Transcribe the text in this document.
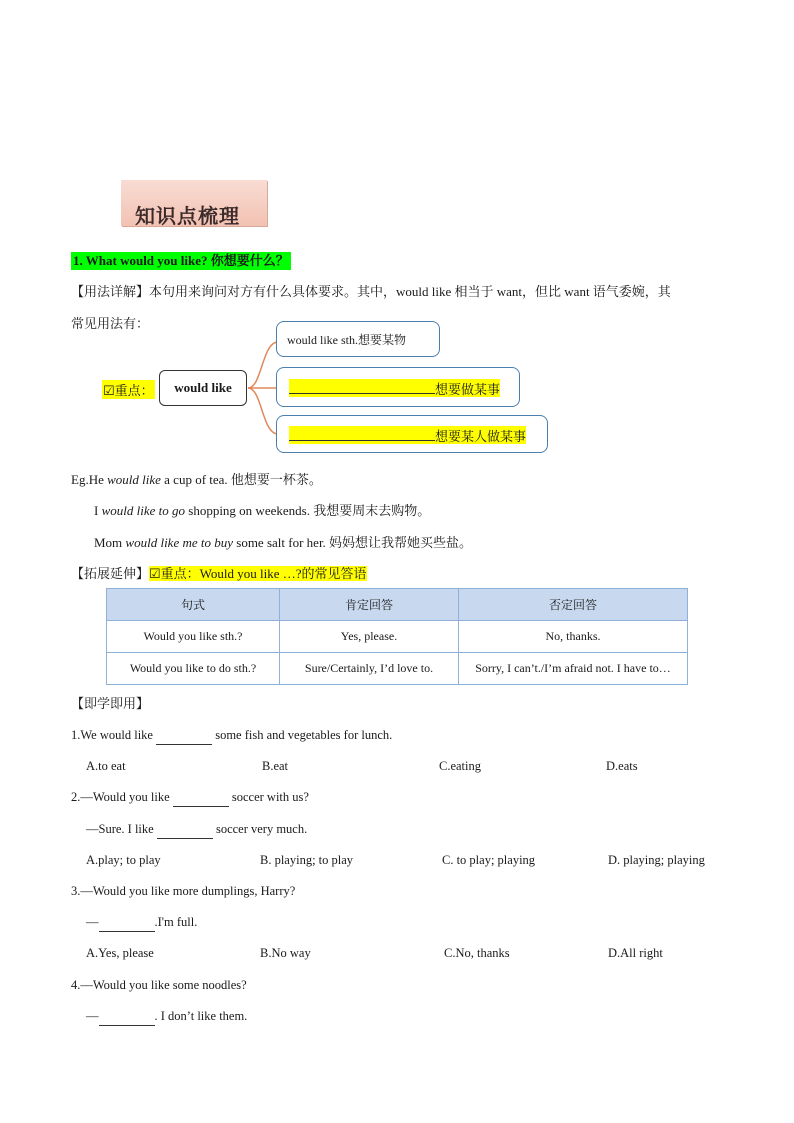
知识点梳理
1. What would you like? 你想要什么？
【用法详解】本句用来询问对方有什么具体要求。其中，would like 相当于 want，但比 want 语气委婉，其
常见用法有：
☑重点：	would like
would like sth.想要某物
想要做某事
想要某人做某事
Eg.He would like a cup of tea. 他想要一杯茶。
I would like to go shopping on weekends. 我想要周末去购物。
Mom would like me to buy some salt for her. 妈妈想让我帮她买些盐。
【拓展延伸】☑重点：Would you like …?的常见答语
句式	肯定回答	否定回答
Would you like sth.?	Yes, please.	No, thanks.
Would you like to do sth.?	Sure/Certainly, I’d love to.	Sorry, I can’t./I’m afraid not. I have to…
【即学即用】
1.We would like	some fish and vegetables for lunch.
A.to eat	B.eat	C.eating	D.eats
2.—Would you like	soccer with us?
—Sure. I like	soccer very much.
A.play; to play	B. playing; to play	C. to play; playing	D. playing; playing
3.—Would you like more dumplings, Harry?
—	.I'm full.
A.Yes, please	B.No way	C.No, thanks	D.All right
4.—Would you like some noodles?
—	. I don’t like them.
